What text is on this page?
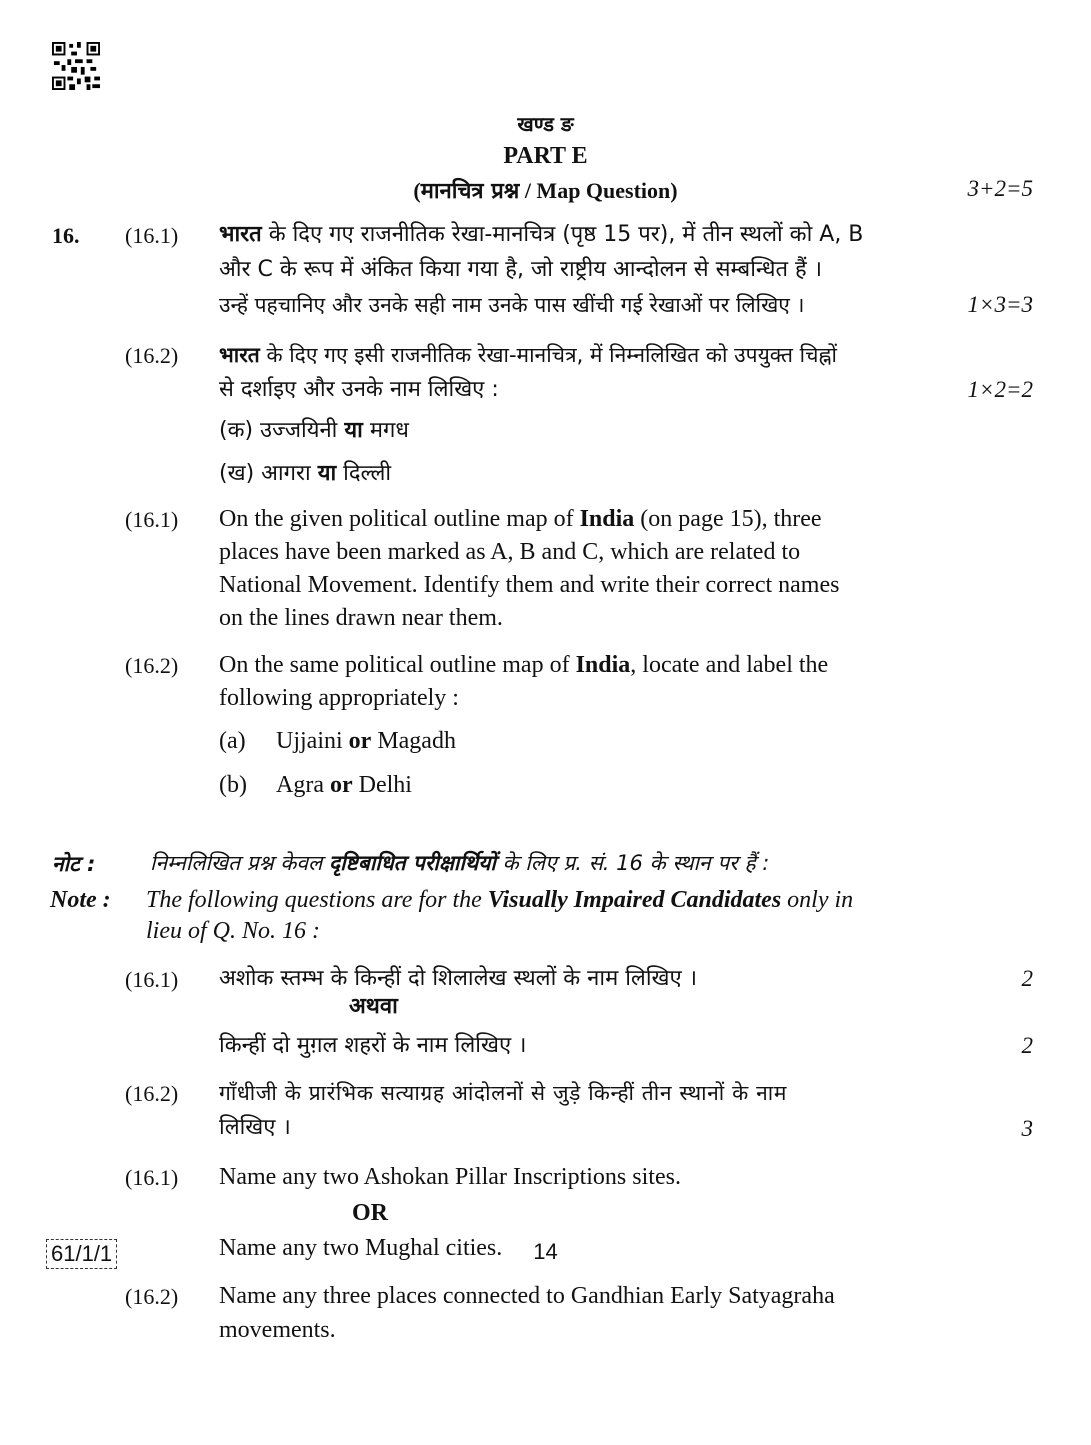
खण्ड ङ
PART E
(मानचित्र प्रश्न / Map Question)	3+2=5
16. (16.1) भारत के दिए गए राजनीतिक रेखा-मानचित्र (पृष्ठ 15 पर), में तीन स्थलों को A, B
और C के रूप में अंकित किया गया है, जो राष्ट्रीय आन्दोलन से सम्बन्धित हैं ।
उन्हें पहचानिए और उनके सही नाम उनके पास खींची गई रेखाओं पर लिखिए ।	1×3=3
(16.2) भारत के दिए गए इसी राजनीतिक रेखा-मानचित्र, में निम्नलिखित को उपयुक्त चिह्नों
से दर्शाइए और उनके नाम लिखिए :	1×2=2
(क) उज्जयिनी या मगध
(ख) आगरा या दिल्ली
(16.1) On the given political outline map of India (on page 15), three
places have been marked as A, B and C, which are related to
National Movement. Identify them and write their correct names
on the lines drawn near them.
(16.2) On the same political outline map of India, locate and label the
following appropriately :
(a) Ujjaini or Magadh
(b) Agra or Delhi
नोट :	निम्नलिखित प्रश्न केवल दृष्टिबाधित परीक्षार्थियों के लिए प्र. सं. 16 के स्थान पर हैं :
Note : The following questions are for the Visually Impaired Candidates only in
lieu of Q. No. 16 :
(16.1) अशोक स्तम्भ के किन्हीं दो शिलालेख स्थलों के नाम लिखिए ।	2
अथवा
किन्हीं दो मुग़ल शहरों के नाम लिखिए ।	2
(16.2) गाँधीजी के प्रारंभिक सत्याग्रह आंदोलनों से जुड़े किन्हीं तीन स्थानों के नाम
लिखिए ।	3
(16.1) Name any two Ashokan Pillar Inscriptions sites.
OR
Name any two Mughal cities.
(16.2) Name any three places connected to Gandhian Early Satyagraha
movements.
61/1/1	14
